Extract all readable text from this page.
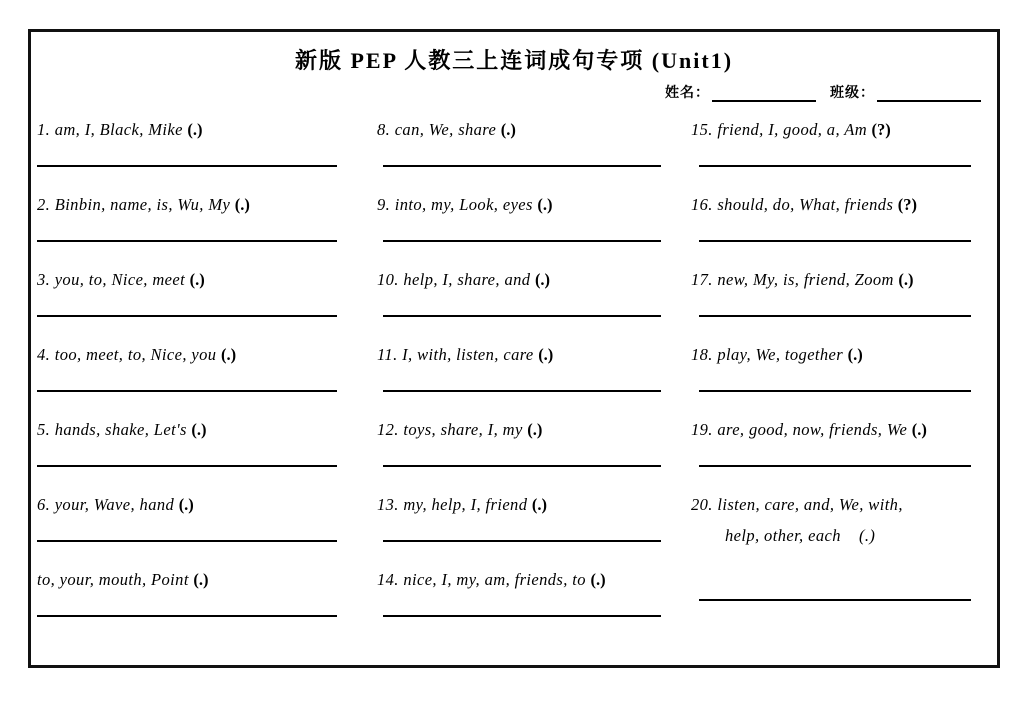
新版 PEP 人教三上连词成句专项 (Unit1)
姓名：	班级：
1. am, I, Black, Mike (.)
2. Binbin, name, is, Wu, My (.)
3. you, to, Nice, meet (.)
4. too, meet, to, Nice, you (.)
5. hands, shake, Let's (.)
6. your, Wave, hand (.)
to, your, mouth, Point (.)
8. can, We, share (.)
9. into, my, Look, eyes (.)
10. help, I, share, and (.)
11. I, with, listen, care (.)
12. toys, share, I, my (.)
13. my, help, I, friend (.)
14. nice, I, my, am, friends, to (.)
15. friend, I, good, a, Am (?)
16. should, do, What, friends (?)
17. new, My, is, friend, Zoom (.)
18. play, We, together (.)
19. are, good, now, friends, We (.)
20. listen, care, and, We, with,
help, other, each    (.)
